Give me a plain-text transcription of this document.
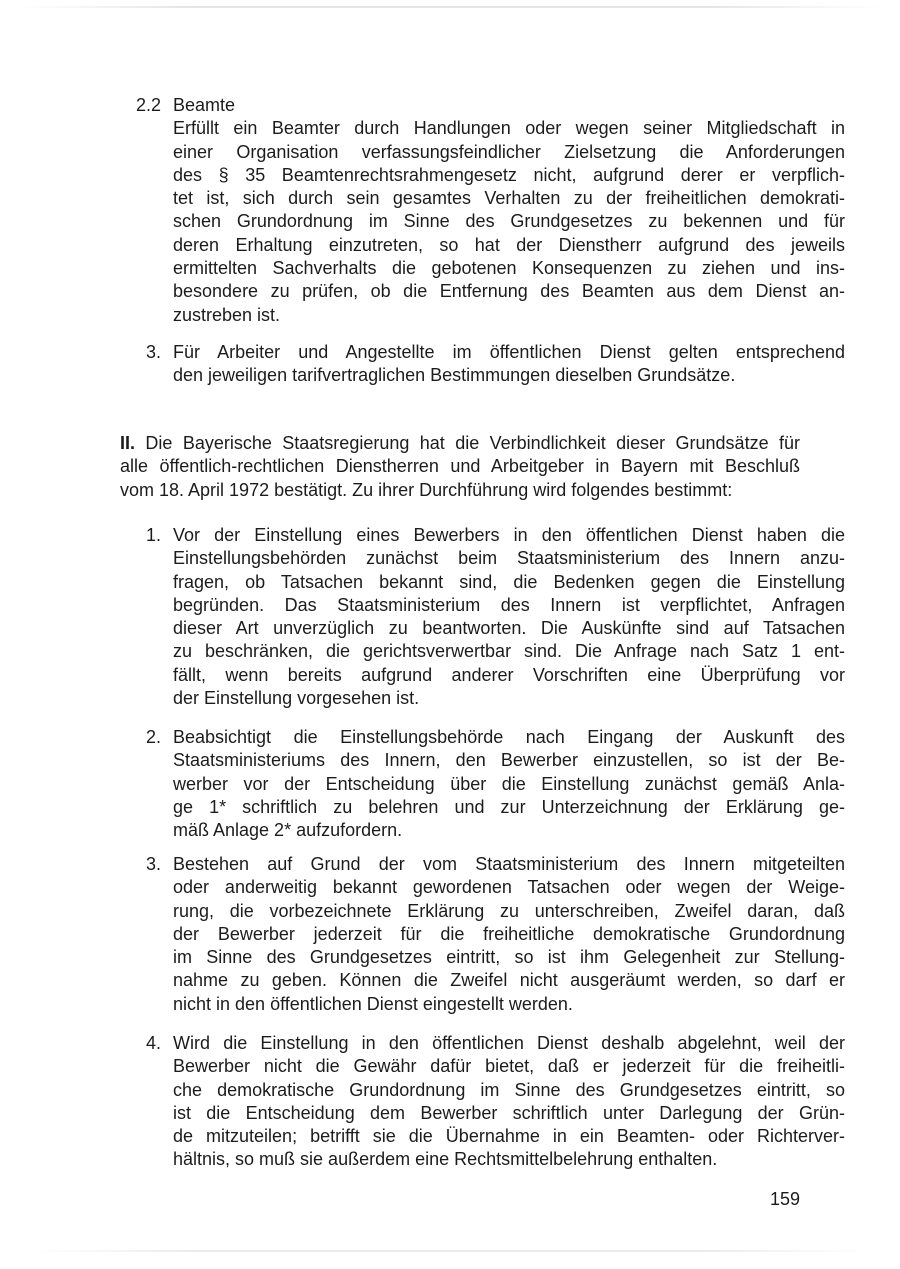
2.2 Beamte
Erfüllt ein Beamter durch Handlungen oder wegen seiner Mitgliedschaft in
einer Organisation verfassungsfeindlicher Zielsetzung die Anforderungen
des § 35 Beamtenrechtsrahmengesetz nicht, aufgrund derer er verpflich-
tet ist, sich durch sein gesamtes Verhalten zu der freiheitlichen demokrati-
schen Grundordnung im Sinne des Grundgesetzes zu bekennen und für
deren Erhaltung einzutreten, so hat der Dienstherr aufgrund des jeweils
ermittelten Sachverhalts die gebotenen Konsequenzen zu ziehen und ins-
besondere zu prüfen, ob die Entfernung des Beamten aus dem Dienst an-
zustreben ist.
3. Für Arbeiter und Angestellte im öffentlichen Dienst gelten entsprechend
den jeweiligen tarifvertraglichen Bestimmungen dieselben Grundsätze.
II. Die Bayerische Staatsregierung hat die Verbindlichkeit dieser Grundsätze für
alle öffentlich-rechtlichen Dienstherren und Arbeitgeber in Bayern mit Beschluß
vom 18. April 1972 bestätigt. Zu ihrer Durchführung wird folgendes bestimmt:
1. Vor der Einstellung eines Bewerbers in den öffentlichen Dienst haben die
Einstellungsbehörden zunächst beim Staatsministerium des Innern anzu-
fragen, ob Tatsachen bekannt sind, die Bedenken gegen die Einstellung
begründen. Das Staatsministerium des Innern ist verpflichtet, Anfragen
dieser Art unverzüglich zu beantworten. Die Auskünfte sind auf Tatsachen
zu beschränken, die gerichtsverwertbar sind. Die Anfrage nach Satz 1 ent-
fällt, wenn bereits aufgrund anderer Vorschriften eine Überprüfung vor
der Einstellung vorgesehen ist.
2. Beabsichtigt die Einstellungsbehörde nach Eingang der Auskunft des
Staatsministeriums des Innern, den Bewerber einzustellen, so ist der Be-
werber vor der Entscheidung über die Einstellung zunächst gemäß Anla-
ge 1* schriftlich zu belehren und zur Unterzeichnung der Erklärung ge-
mäß Anlage 2* aufzufordern.
3. Bestehen auf Grund der vom Staatsministerium des Innern mitgeteilten
oder anderweitig bekannt gewordenen Tatsachen oder wegen der Weige-
rung, die vorbezeichnete Erklärung zu unterschreiben, Zweifel daran, daß
der Bewerber jederzeit für die freiheitliche demokratische Grundordnung
im Sinne des Grundgesetzes eintritt, so ist ihm Gelegenheit zur Stellung-
nahme zu geben. Können die Zweifel nicht ausgeräumt werden, so darf er
nicht in den öffentlichen Dienst eingestellt werden.
4. Wird die Einstellung in den öffentlichen Dienst deshalb abgelehnt, weil der
Bewerber nicht die Gewähr dafür bietet, daß er jederzeit für die freiheitli-
che demokratische Grundordnung im Sinne des Grundgesetzes eintritt, so
ist die Entscheidung dem Bewerber schriftlich unter Darlegung der Grün-
de mitzuteilen; betrifft sie die Übernahme in ein Beamten- oder Richterver-
hältnis, so muß sie außerdem eine Rechtsmittelbelehrung enthalten.
159
